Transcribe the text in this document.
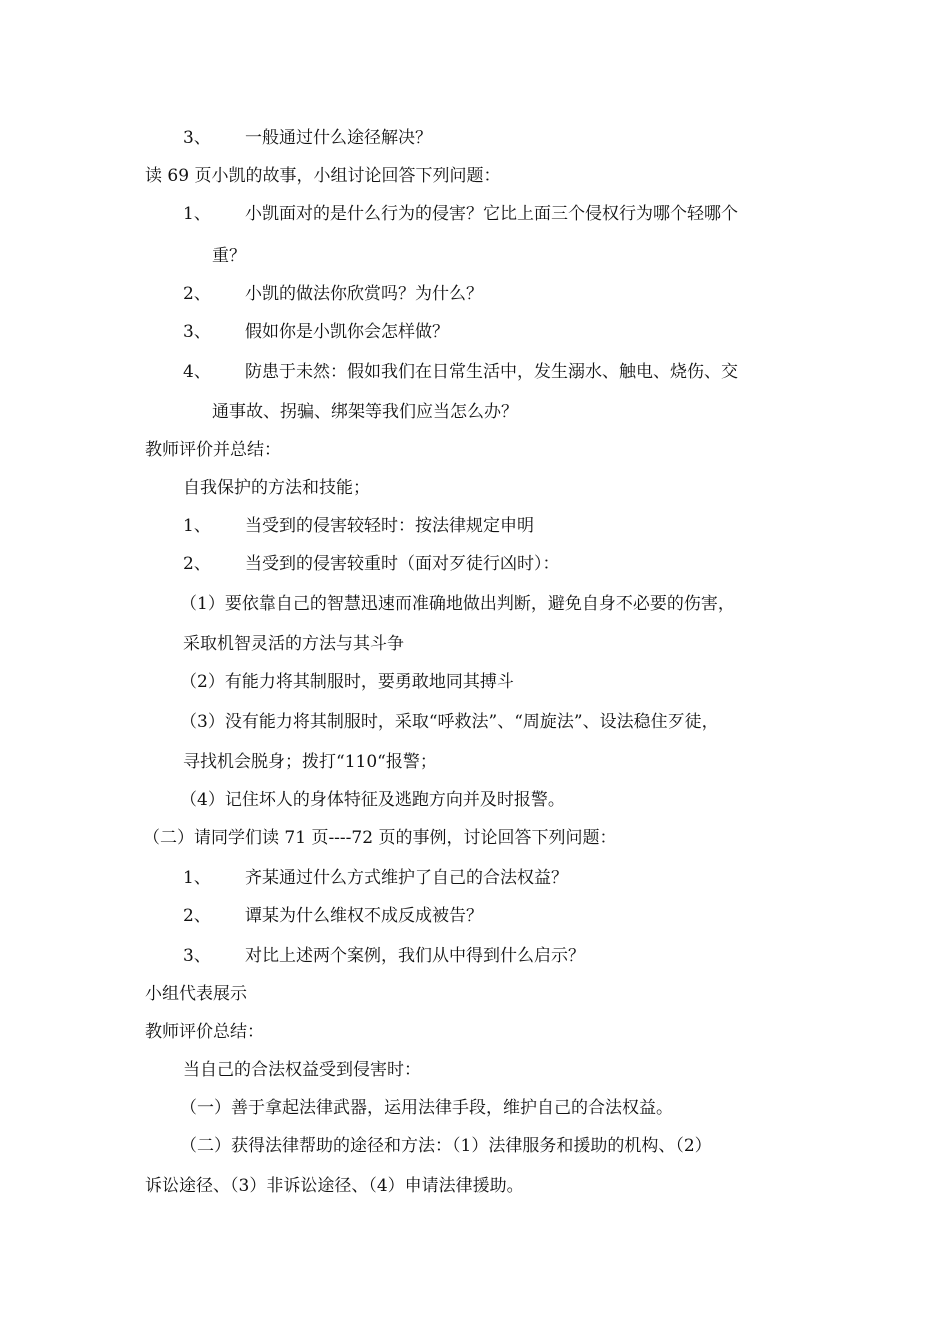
3、 一般通过什么途径解决？
读 69 页小凯的故事，小组讨论回答下列问题：
1、 小凯面对的是什么行为的侵害？它比上面三个侵权行为哪个轻哪个
重？
2、 小凯的做法你欣赏吗？为什么？
3、 假如你是小凯你会怎样做？
4、 防患于未然：假如我们在日常生活中，发生溺水、触电、烧伤、交
通事故、拐骗、绑架等我们应当怎么办？
教师评价并总结：
自我保护的方法和技能；
1、 当受到的侵害较轻时：按法律规定申明
2、 当受到的侵害较重时（面对歹徒行凶时）：
（1）要依靠自己的智慧迅速而准确地做出判断，避免自身不必要的伤害，
采取机智灵活的方法与其斗争
（2）有能力将其制服时，要勇敢地同其搏斗
（3）没有能力将其制服时，采取“呼救法”、“周旋法”、设法稳住歹徒，
寻找机会脱身；拨打“110“报警；
（4）记住坏人的身体特征及逃跑方向并及时报警。
（二）请同学们读 71 页----72 页的事例，讨论回答下列问题：
1、 齐某通过什么方式维护了自己的合法权益？
2、 谭某为什么维权不成反成被告？
3、 对比上述两个案例，我们从中得到什么启示？
小组代表展示
教师评价总结：
当自己的合法权益受到侵害时：
（一）善于拿起法律武器，运用法律手段，维护自己的合法权益。
（二）获得法律帮助的途径和方法：（1）法律服务和援助的机构、（2）
诉讼途径、（3）非诉讼途径、（4）申请法律援助。
